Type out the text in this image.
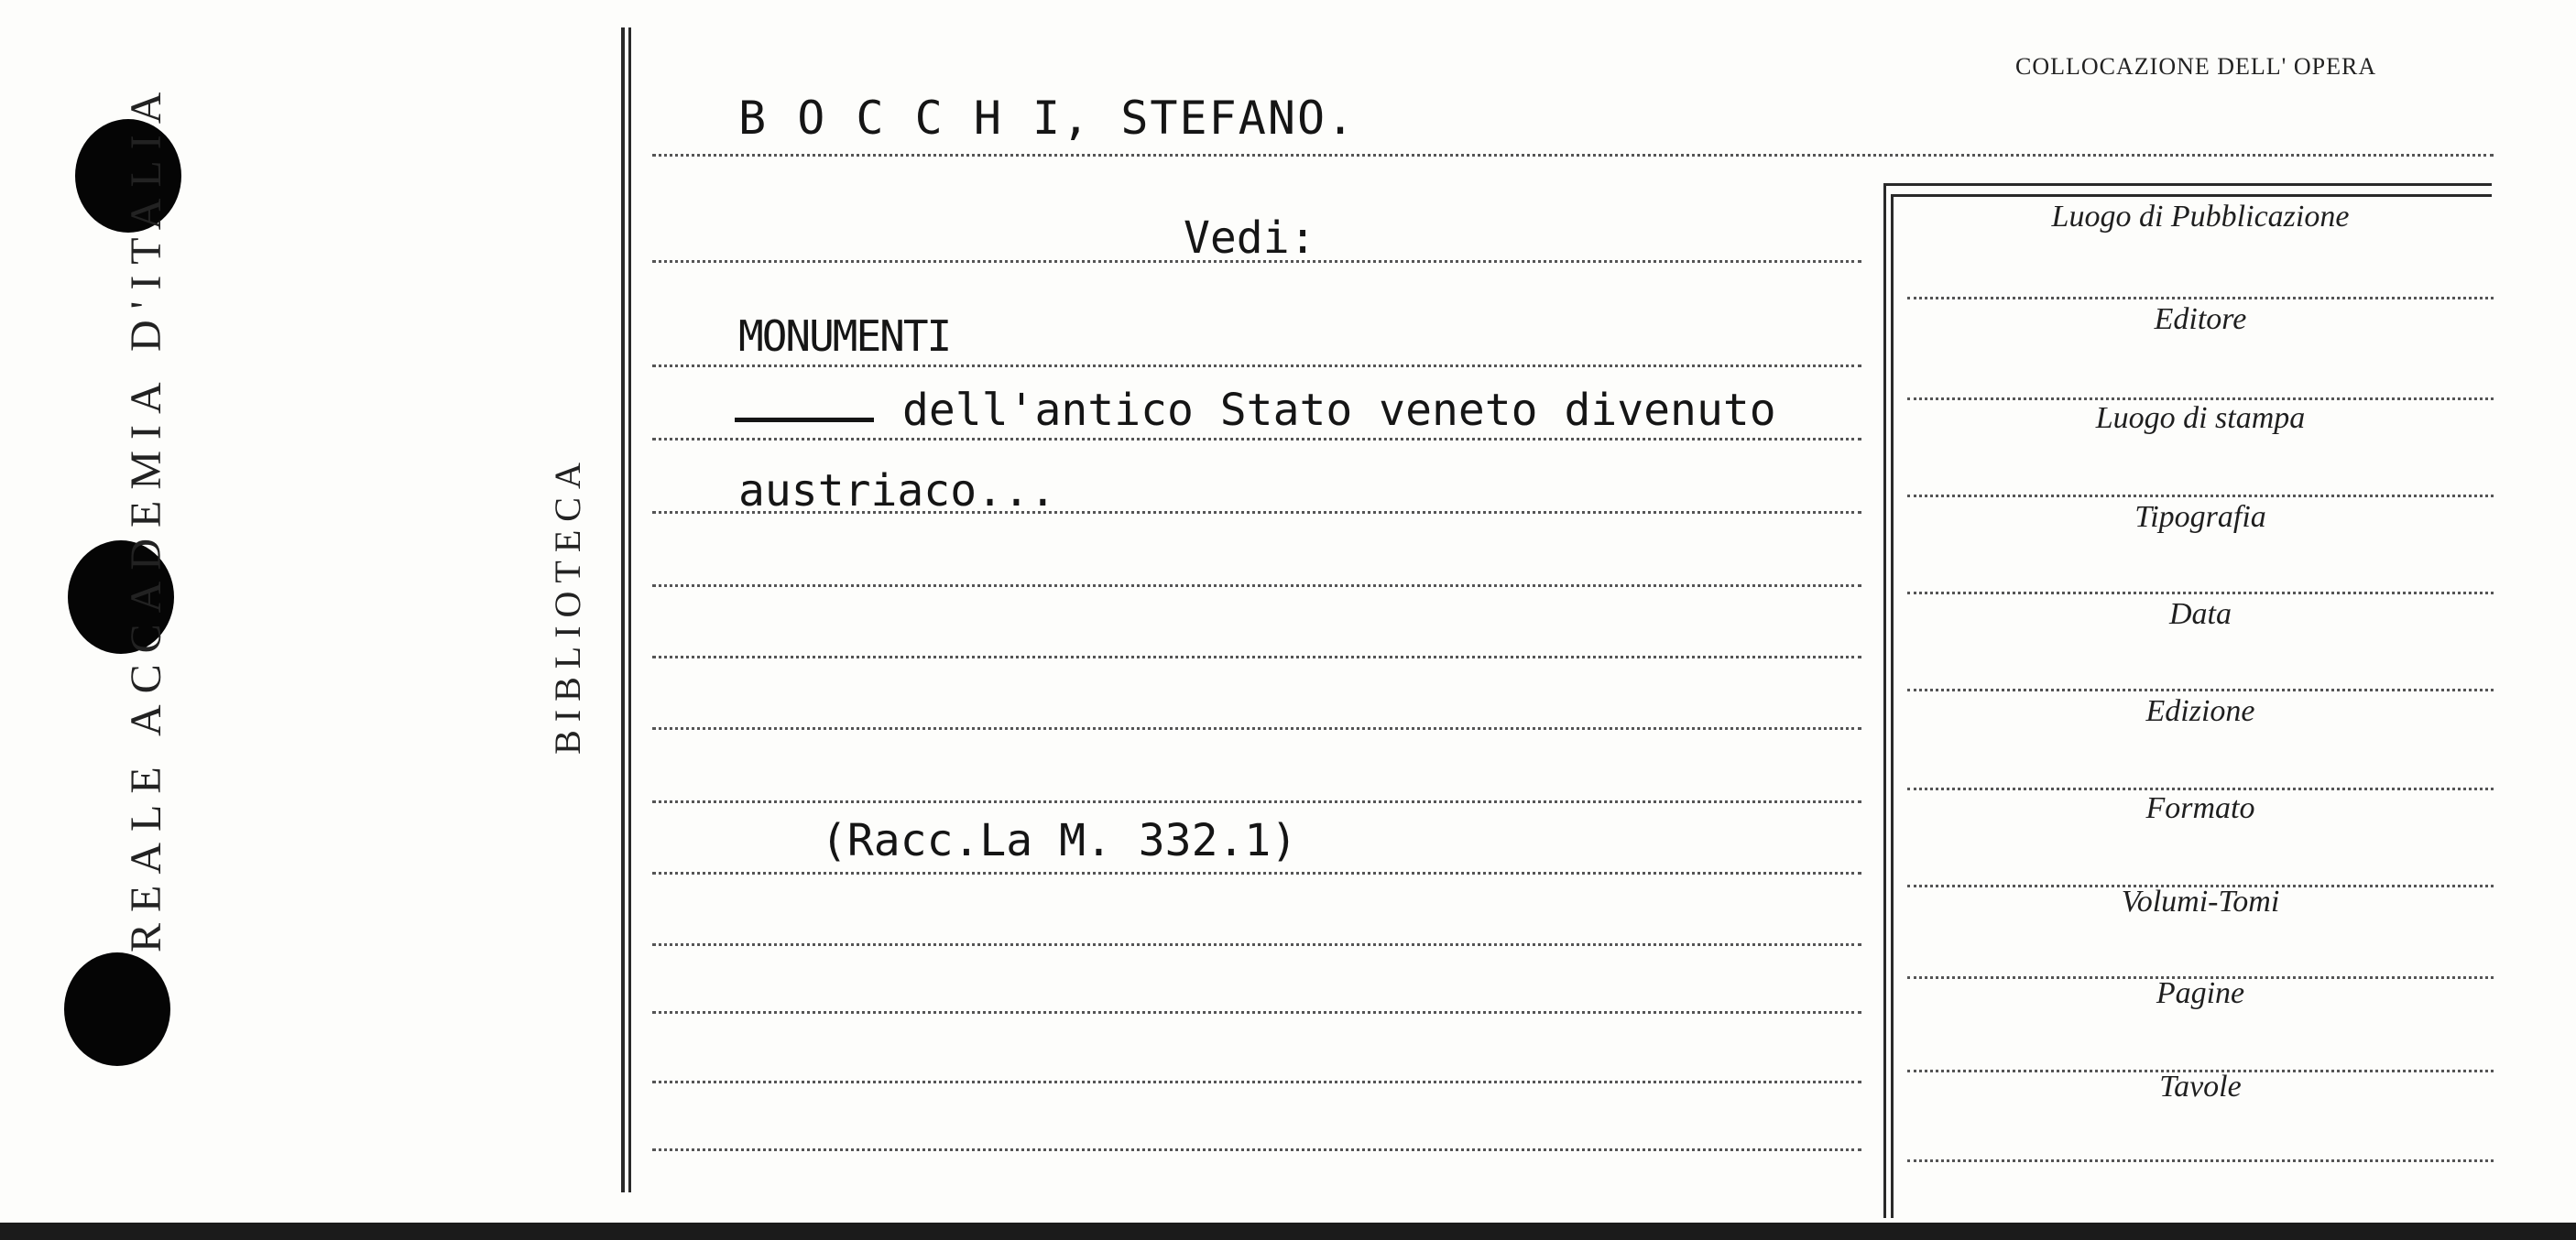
REALE ACCADEMIA D'ITALIA	BIBLIOTECA
B O C C H I, STEFANO.
Vedi:
MONUMENTI
dell'antico Stato veneto divenuto
austriaco...
(Racc.La M. 332.1)
COLLOCAZIONE DELL' OPERA
Luogo di Pubblicazione
Editore
Luogo di stampa
Tipografia
Data
Edizione
Formato
Volumi-Tomi
Pagine
Tavole
